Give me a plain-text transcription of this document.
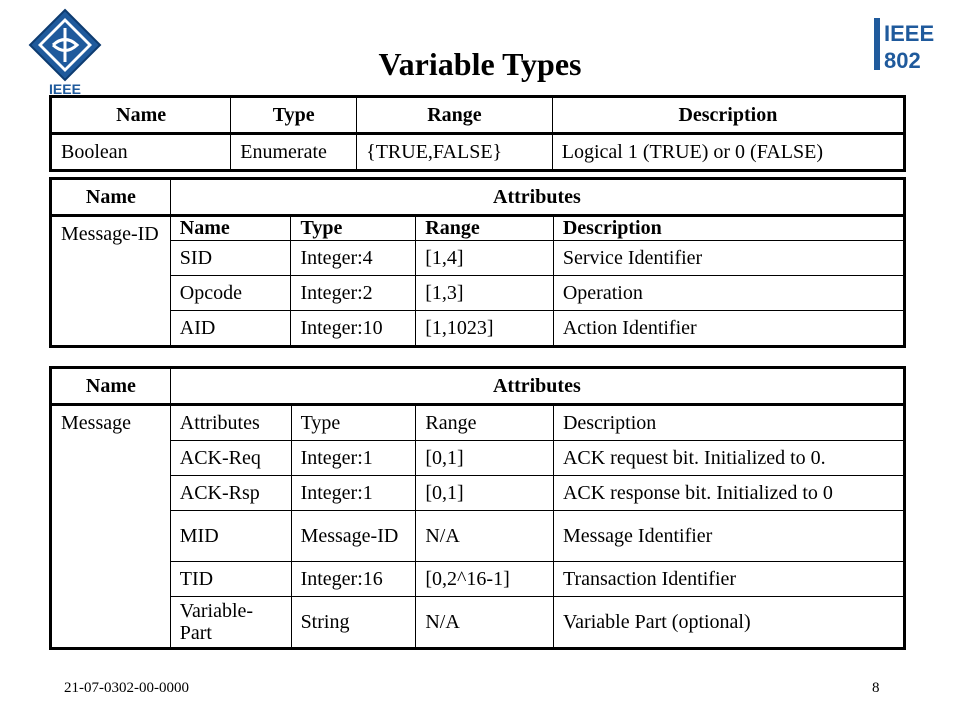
IEEE
IEEE
802
Variable Types
Name	Type	Range	Description
Boolean	Enumerate	{TRUE,FALSE}	Logical 1 (TRUE) or 0 (FALSE)
Name	Attributes			
Message-ID	Name	Type	Range	Description
	SID	Integer:4	[1,4]	Service Identifier
	Opcode	Integer:2	[1,3]	Operation
	AID	Integer:10	[1,1023]	Action Identifier
Name	Attributes			
Message	Attributes	Type	Range	Description
	ACK-Req	Integer:1	[0,1]	ACK request bit. Initialized to 0.
	ACK-Rsp	Integer:1	[0,1]	ACK response bit. Initialized to 0
	MID	Message-ID	N/A	Message Identifier
	TID	Integer:16	[0,2^16-1]	Transaction Identifier
	Variable-Part	String	N/A	Variable Part (optional)
21-07-0302-00-0000	8
